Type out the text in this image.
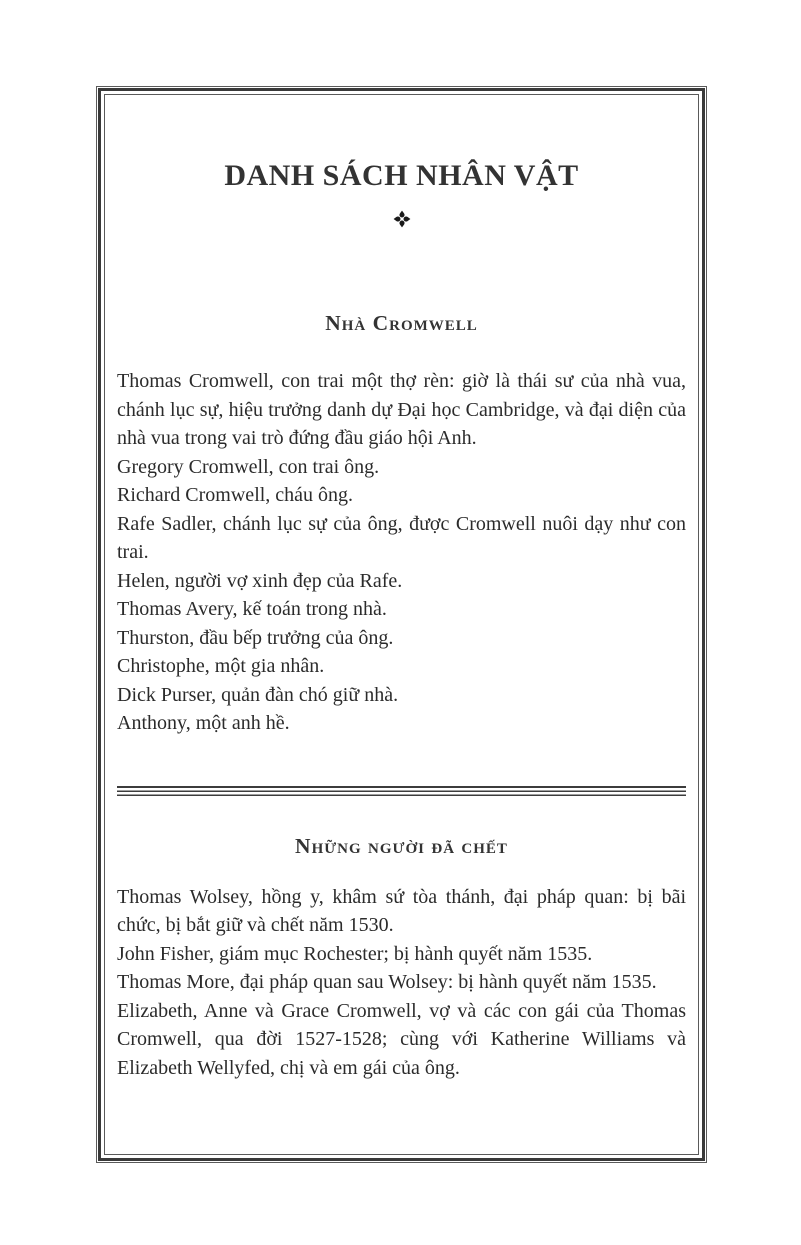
DANH SÁCH NHÂN VẬT
Nhà Cromwell

Thomas Cromwell, con trai một thợ rèn: giờ là thái sư của nhà vua, chánh lục sự, hiệu trưởng danh dự Đại học Cambridge, và đại diện của nhà vua trong vai trò đứng đầu giáo hội Anh.

Gregory Cromwell, con trai ông.

Richard Cromwell, cháu ông.

Rafe Sadler, chánh lục sự của ông, được Cromwell nuôi dạy như con trai.

Helen, người vợ xinh đẹp của Rafe.

Thomas Avery, kế toán trong nhà.

Thurston, đầu bếp trưởng của ông.

Christophe, một gia nhân.

Dick Purser, quản đàn chó giữ nhà.

Anthony, một anh hề.

Những người đã chết

Thomas Wolsey, hồng y, khâm sứ tòa thánh, đại pháp quan: bị bãi chức, bị bắt giữ và chết năm 1530.

John Fisher, giám mục Rochester; bị hành quyết năm 1535.

Thomas More, đại pháp quan sau Wolsey: bị hành quyết năm 1535.

Elizabeth, Anne và Grace Cromwell, vợ và các con gái của Thomas Cromwell, qua đời 1527-1528; cùng với Katherine Williams và Elizabeth Wellyfed, chị và em gái của ông.
